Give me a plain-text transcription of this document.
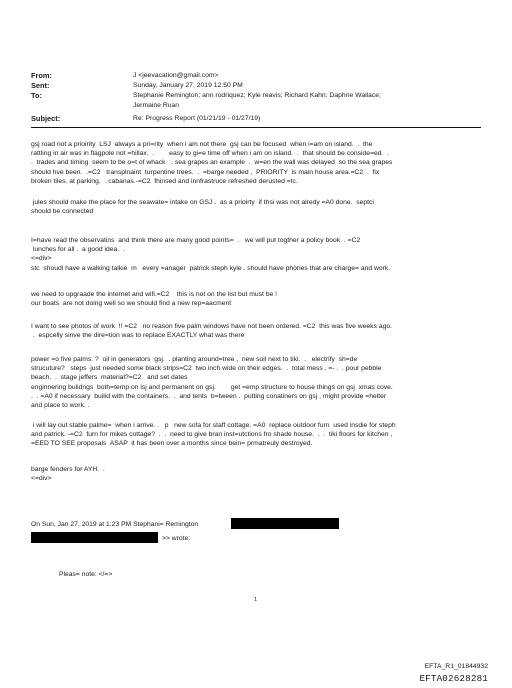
From:	J <jeevacation@gmail.com>
Sent:	Sunday, January 27, 2019 12:50 PM
To:	Stephanie Remington; ann rodriquez; Kyle reavis; Richard Kahn; Daphne Wallace;
Jermaine Ruan
Subject:	Re: Progress Report (01/21/19 - 01/27/19)
gsj road not a prioirity  LSJ  always a pri=rity  when i am not there  gsj can be focused  when i=am on island.  .  the
rattling in air was in flagpole not =hillax.  .        easy to gi=e time off when i am on island.  .  that should be conside=ed.  .
.  trades and timing  seem to be o=t of whack   , sea grapes an example  .  w=en the wall was delayed  so the sea grapes
should hve been.  .=C2   transplnaint  turpentine trees.  .  =barge needed ,  PRIORITY  is main house area.=C2  .  fix
broken tiles. at parking.  . cabanas.-=C2  fhinsed and innfrastruce refreshed derusted =tc.
jules should make the place for the seawate= intake on GSJ .  as a prioirty  if thsi was not alredy =A0 done.  septci
should be connected
I=have read the observatins  and think there are many good points=  .   we will put togther a policy book  . =C2
lunches for all .  a good idea.  .
<=div>
stc  shoudl have a walking talkie  m   every =anager  patrick steph kyle . should have phones that are charge= and work.
we need to upgraade the internet and wifi.=C2    this is not on the list but must be !
our boats  are not doing well so we should find a new rep=aacment
I want to see photos of work  !! =C2   no reason five palm windows have not been ordered. =C2  this was five weeks ago.
.  espcelly sinve the dire=tion was to replace EXACTLY what was there
power =o five palms. ?  oil in generators  gsj.  . planting around=tree ,  new soil next to tiki.  .   electrify  sh=de
strucuture?   steps  just needed some black strips=C2  two inch wide on their edges.  .  total mess . =- .  . pour pebble
beach.  .  stage jeffers  material?=C2   and set dates
enginnering bulidngs  both=temp on lsj and permanent on gsj.        get =emp structure to house things on gsj  xmas cove.
.  . =A0 if necessary  builid with the containers.  .  and tents  b=tween .  putting conatiners on gsj , might provide =helter
and place to work. .
i will lay out stable palme=  when i arrive. .   p   new sofa for staff cottage. =A0  replace outdoor furn  used insdie for steph
and patrick. -=C2  furn for mikes cottage?  .  .  need to give bran inst=utctions fro shade house.  .  .  tiki floors for kitchen ,
=EED TO SEE proposals  ASAP  it has been over a months since bein= prmatreuly destroyed.
barge fenders for AYH.  .
<=div>
On Sun, Jan 27, 2019 at 1:23 PM Stephani= Remington
>> wrote:
Pleas= note: </=>
1
EFTA_R1_01844932
EFTA02628281
